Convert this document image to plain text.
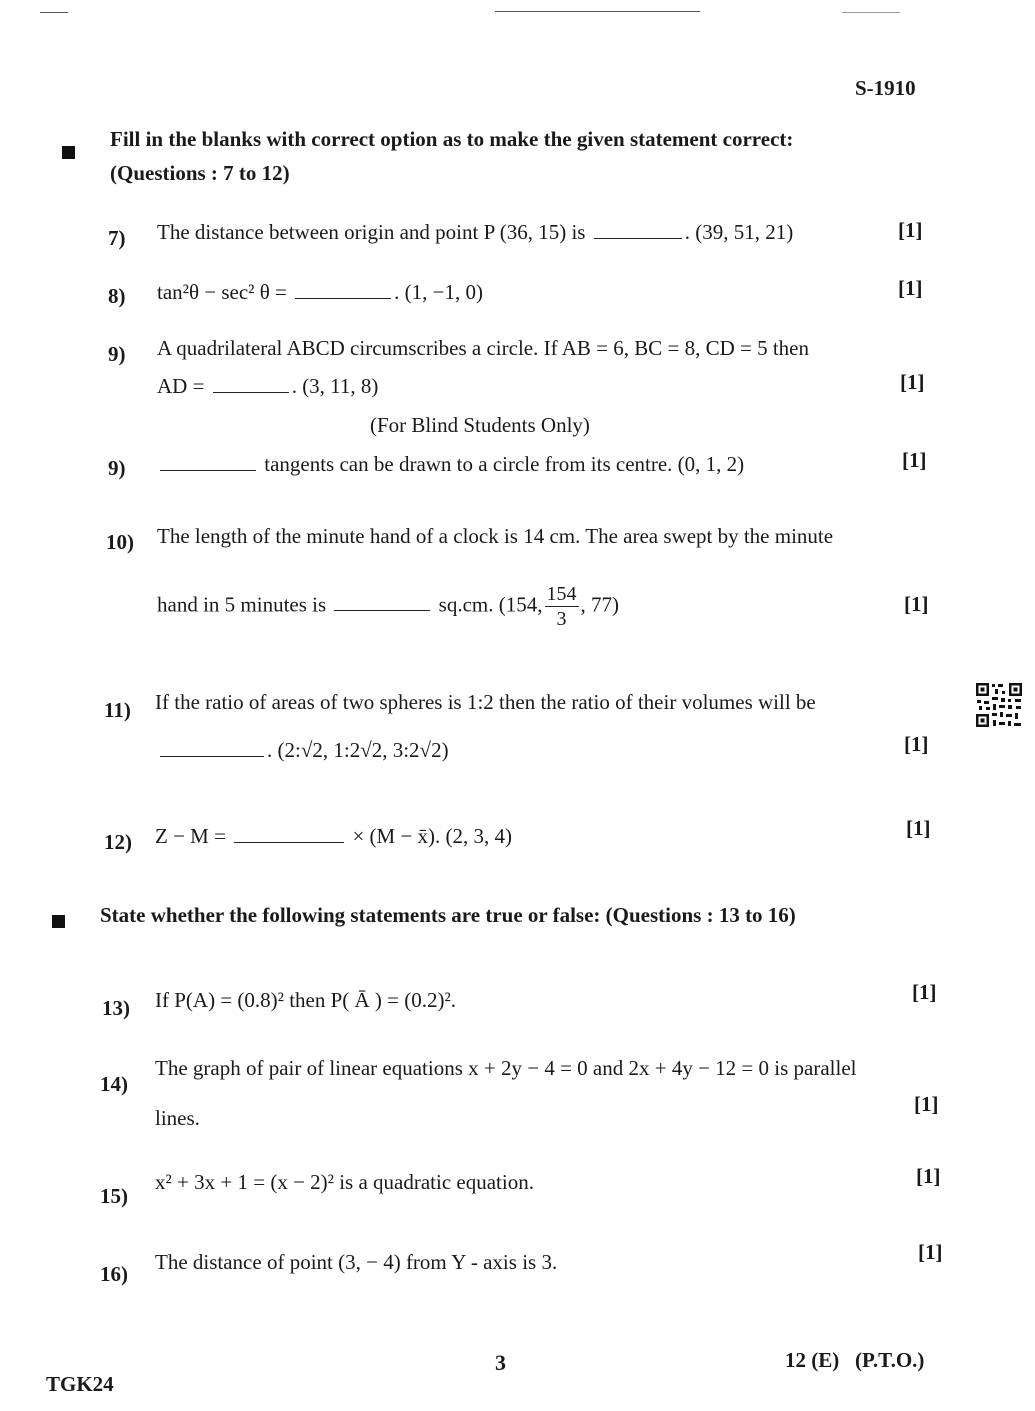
S-1910
Fill in the blanks with correct option as to make the given statement correct:
(Questions : 7 to 12)
7) The distance between origin and point P (36, 15) is	. (39, 51, 21)	[1]
8) tan²θ − sec² θ =	. (1, −1, 0)	[1]
9) A quadrilateral ABCD circumscribes a circle. If AB = 6, BC = 8, CD = 5 then
AD =	. (3, 11, 8)	[1]
(For Blind Students Only)
9)	tangents can be drawn to a circle from its centre. (0, 1, 2)	[1]
10) The length of the minute hand of a clock is 14 cm. The area swept by the minute
hand in 5 minutes is	sq.cm. (154, $\frac{154}{3}$ , 77)	[1]
11) If the ratio of areas of two spheres is 1:2 then the ratio of their volumes will be
. (2:√2, 1:2√2, 3:2√2)	[1]
12) Z − M =	× (M − x̄). (2, 3, 4)	[1]
State whether the following statements are true or false: (Questions : 13 to 16)
13) If P(A) = (0.8)² then P( Ā ) = (0.2)².	[1]
14)
The graph of pair of linear equations x + 2y − 4 = 0 and 2x + 4y − 12 = 0 is parallel
lines.
[1]
15)
x² + 3x + 1 = (x − 2)² is a quadratic equation.	[1]
16) The distance of point (3, − 4) from Y - axis is 3.	[1]
TGK24
3	12 (E)   (P.T.O.)
